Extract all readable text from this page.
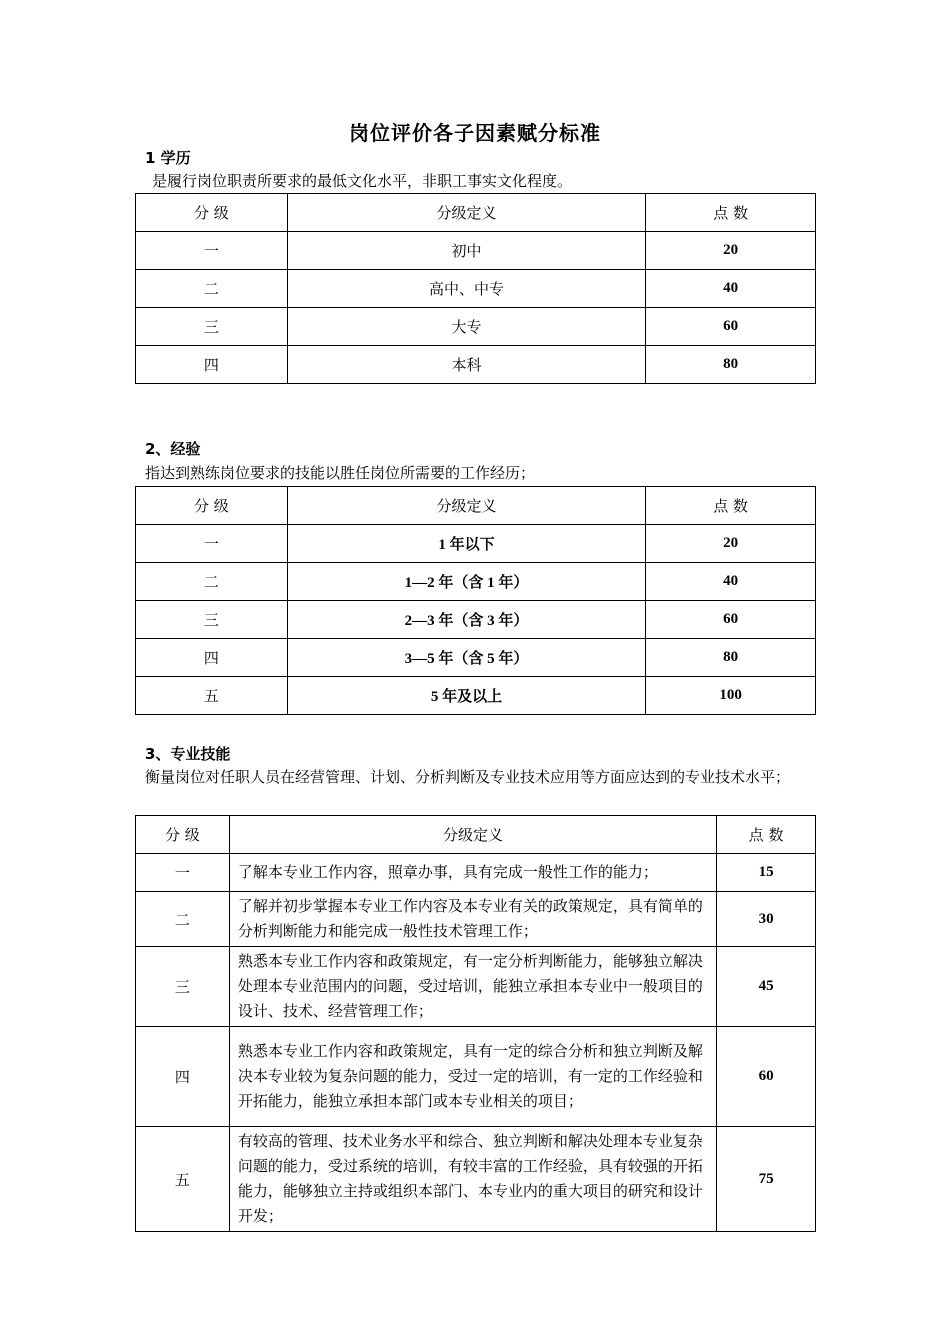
岗位评价各子因素赋分标准
1 学历
是履行岗位职责所要求的最低文化水平，非职工事实文化程度。
分 级	分级定义	点 数
一	初中	20
二	高中、中专	40
三	大专	60
四	本科	80
2、经验
指达到熟练岗位要求的技能以胜任岗位所需要的工作经历；
分 级	分级定义	点 数
一	1 年以下	20
二	1—2 年（含 1 年）	40
三	2—3 年（含 3 年）	60
四	3—5 年（含 5 年）	80
五	5 年及以上	100
3、专业技能
衡量岗位对任职人员在经营管理、计划、分析判断及专业技术应用等方面应达到的专业技术水平；
分 级	分级定义	点 数
一	了解本专业工作内容，照章办事，具有完成一般性工作的能力；	15
二	了解并初步掌握本专业工作内容及本专业有关的政策规定，具有简单的分析判断能力和能完成一般性技术管理工作；	30
三	熟悉本专业工作内容和政策规定，有一定分析判断能力，能够独立解决处理本专业范围内的问题，受过培训，能独立承担本专业中一般项目的设计、技术、经营管理工作；	45
四	熟悉本专业工作内容和政策规定，具有一定的综合分析和独立判断及解决本专业较为复杂问题的能力，受过一定的培训，有一定的工作经验和开拓能力，能独立承担本部门或本专业相关的项目；	60
五	有较高的管理、技术业务水平和综合、独立判断和解决处理本专业复杂问题的能力，受过系统的培训，有较丰富的工作经验，具有较强的开拓能力，能够独立主持或组织本部门、本专业内的重大项目的研究和设计开发；	75
